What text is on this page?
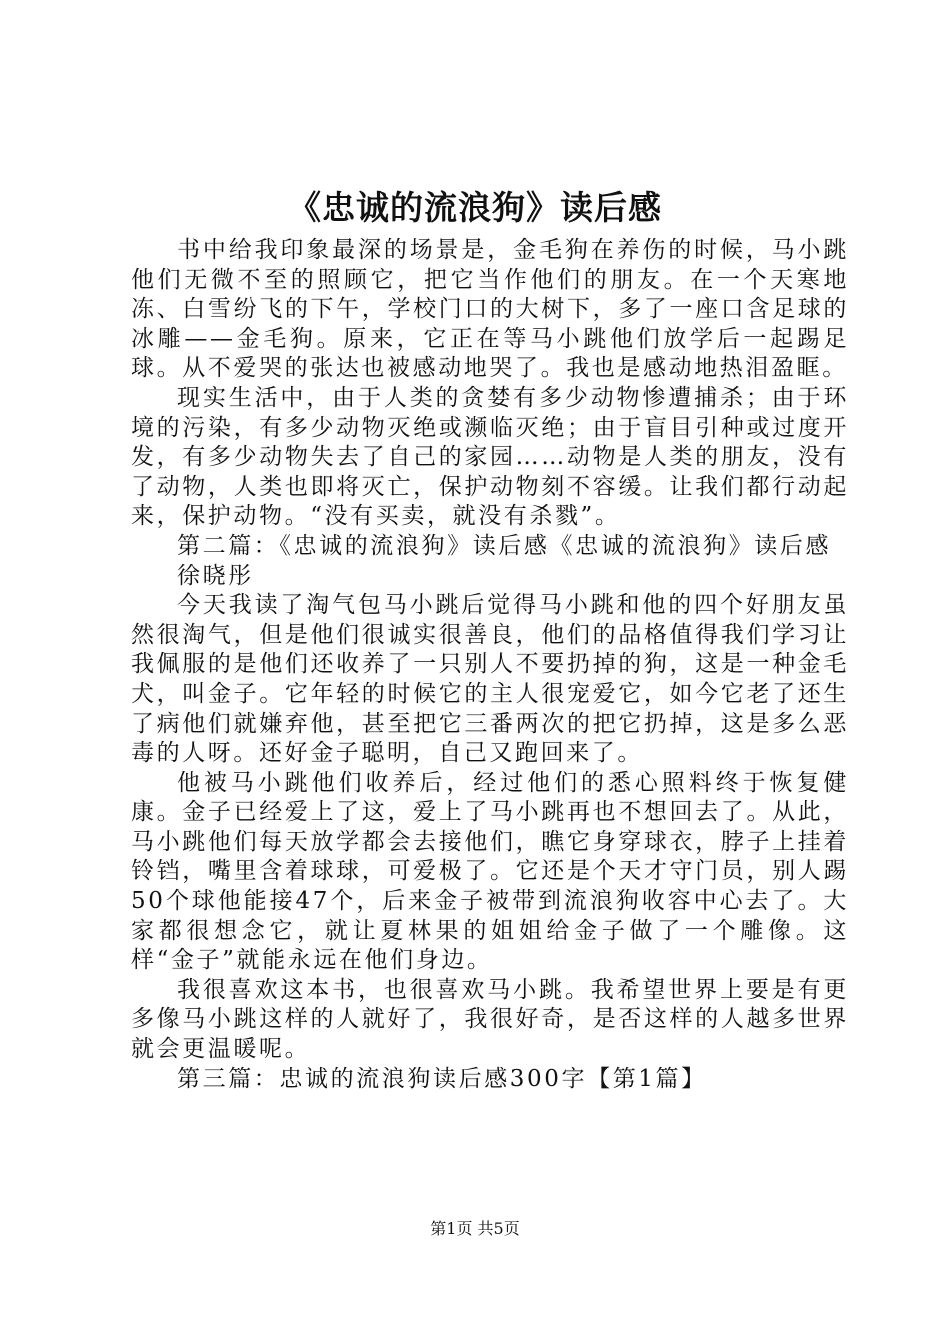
《忠诚的流浪狗》读后感

书中给我印象最深的场景是，金毛狗在养伤的时候，马小跳他们无微不至的照顾它，把它当作他们的朋友。在一个天寒地冻、白雪纷飞的下午，学校门口的大树下，多了一座口含足球的冰雕——金毛狗。原来，它正在等马小跳他们放学后一起踢足球。从不爱哭的张达也被感动地哭了。我也是感动地热泪盈眶。

现实生活中，由于人类的贪婪有多少动物惨遭捕杀；由于环境的污染，有多少动物灭绝或濒临灭绝；由于盲目引种或过度开发，有多少动物失去了自己的家园……动物是人类的朋友，没有了动物，人类也即将灭亡，保护动物刻不容缓。让我们都行动起来，保护动物。“没有买卖，就没有杀戮”。

第二篇：《忠诚的流浪狗》读后感《忠诚的流浪狗》读后感

徐晓彤

今天我读了淘气包马小跳后觉得马小跳和他的四个好朋友虽然很淘气，但是他们很诚实很善良，他们的品格值得我们学习让我佩服的是他们还收养了一只别人不要扔掉的狗，这是一种金毛犬，叫金子。它年轻的时候它的主人很宠爱它，如今它老了还生了病他们就嫌弃他，甚至把它三番两次的把它扔掉，这是多么恶毒的人呀。还好金子聪明，自己又跑回来了。

他被马小跳他们收养后，经过他们的悉心照料终于恢复健康。金子已经爱上了这，爱上了马小跳再也不想回去了。从此，马小跳他们每天放学都会去接他们，瞧它身穿球衣，脖子上挂着铃铛，嘴里含着球球，可爱极了。它还是个天才守门员，别人踢50个球他能接47个，后来金子被带到流浪狗收容中心去了。大家都很想念它，就让夏林果的姐姐给金子做了一个雕像。这样“金子”就能永远在他们身边。

我很喜欢这本书，也很喜欢马小跳。我希望世界上要是有更多像马小跳这样的人就好了，我很好奇，是否这样的人越多世界就会更温暖呢。

第三篇：忠诚的流浪狗读后感300字【第1篇】

第1页 共5页
